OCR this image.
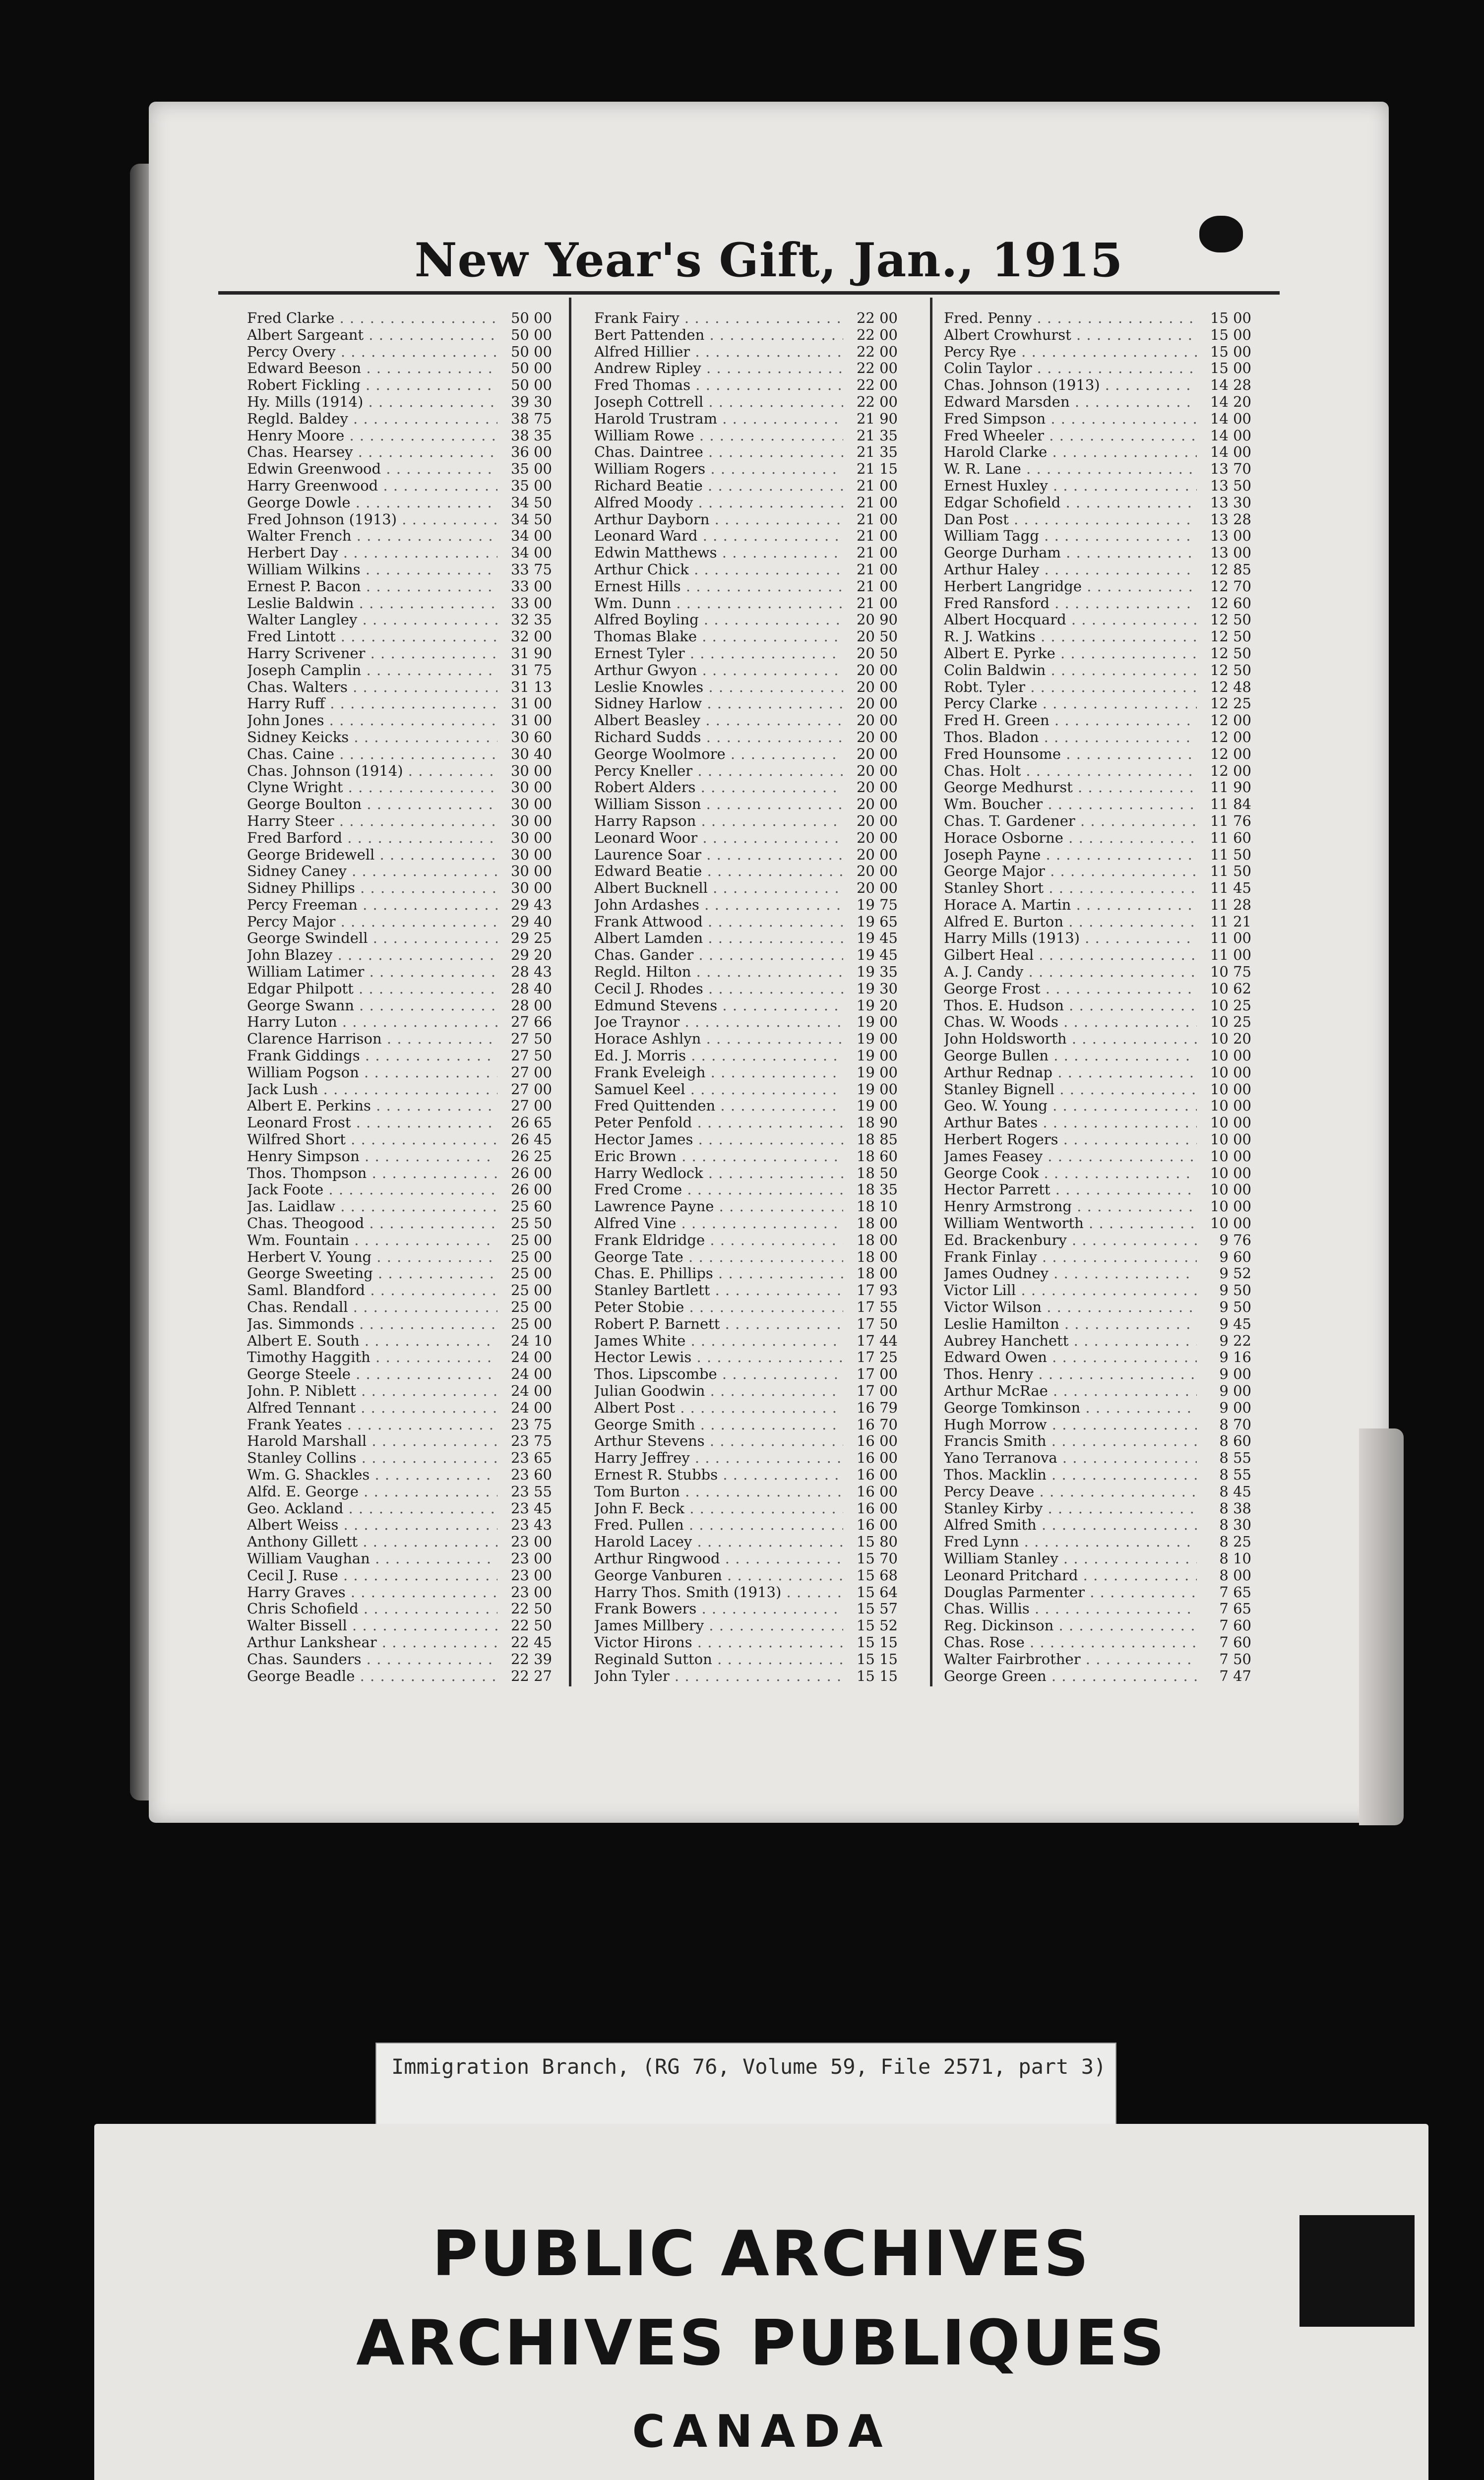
New Year's Gift, Jan., 1915
Fred Clarke . . .	50 00
Albert Sargeant . . .	50 00
Percy Overy . . .	50 00
Edward Beeson . . .	50 00
Robert Fickling . . .	50 00
Hy. Mills (1914) . . .	39 30
Regld. Baldey . . .	38 75
Henry Moore . . .	38 35
Chas. Hearsey . . .	36 00
Edwin Greenwood . . .	35 00
Harry Greenwood . . .	35 00
George Dowle . . .	34 50
Fred Johnson (1913) . . .	34 50
Walter French . . .	34 00
Herbert Day . . .	34 00
William Wilkins . . .	33 75
Ernest P. Bacon . . .	33 00
Leslie Baldwin . . .	33 00
Walter Langley . . .	32 35
Fred Lintott . . .	32 00
Harry Scrivener . . .	31 90
Joseph Camplin . . .	31 75
Chas. Walters . . .	31 13
Harry Ruff . . .	31 00
John Jones . . .	31 00
Sidney Keicks . . .	30 60
Chas. Caine . . .	30 40
Chas. Johnson (1914) . . .	30 00
Clyne Wright . . .	30 00
George Boulton . . .	30 00
Harry Steer . . .	30 00
Fred Barford . . .	30 00
George Bridewell . . .	30 00
Sidney Caney . . .	30 00
Sidney Phillips . . .	30 00
Percy Freeman . . .	29 43
Percy Major . . .	29 40
George Swindell . . .	29 25
John Blazey . . .	29 20
William Latimer . . .	28 43
Edgar Philpott . . .	28 40
George Swann . . .	28 00
Harry Luton . . .	27 66
Clarence Harrison . . .	27 50
Frank Giddings . . .	27 50
William Pogson . . .	27 00
Jack Lush . . .	27 00
Albert E. Perkins . . .	27 00
Leonard Frost . . .	26 65
Wilfred Short . . .	26 45
Henry Simpson . . .	26 25
Thos. Thompson . . .	26 00
Jack Foote . . .	26 00
Jas. Laidlaw . . .	25 60
Chas. Theogood . . .	25 50
Wm. Fountain . . .	25 00
Herbert V. Young . . .	25 00
George Sweeting . . .	25 00
Saml. Blandford . . .	25 00
Chas. Rendall . . .	25 00
Jas. Simmonds . . .	25 00
Albert E. South . . .	24 10
Timothy Haggith . . .	24 00
George Steele . . .	24 00
John. P. Niblett . . .	24 00
Alfred Tennant . . .	24 00
Frank Yeates . . .	23 75
Harold Marshall . . .	23 75
Stanley Collins . . .	23 65
Wm. G. Shackles . . .	23 60
Alfd. E. George . . .	23 55
Geo. Ackland . . .	23 45
Albert Weiss . . .	23 43
Anthony Gillett . . .	23 00
William Vaughan . . .	23 00
Cecil J. Ruse . . .	23 00
Harry Graves . . .	23 00
Chris Schofield . . .	22 50
Walter Bissell . . .	22 50
Arthur Lankshear . . .	22 45
Chas. Saunders . . .	22 39
George Beadle . . .	22 27
Frank Fairy . . .	22 00
Bert Pattenden . . .	22 00
Alfred Hillier . . .	22 00
Andrew Ripley . . .	22 00
Fred Thomas . . .	22 00
Joseph Cottrell . . .	22 00
Harold Trustram . . .	21 90
William Rowe . . .	21 35
Chas. Daintree . . .	21 35
William Rogers . . .	21 15
Richard Beatie . . .	21 00
Alfred Moody . . .	21 00
Arthur Dayborn . . .	21 00
Leonard Ward . . .	21 00
Edwin Matthews . . .	21 00
Arthur Chick . . .	21 00
Ernest Hills . . .	21 00
Wm. Dunn . . .	21 00
Alfred Boyling . . .	20 90
Thomas Blake . . .	20 50
Ernest Tyler . . .	20 50
Arthur Gwyon . . .	20 00
Leslie Knowles . . .	20 00
Sidney Harlow . . .	20 00
Albert Beasley . . .	20 00
Richard Sudds . . .	20 00
George Woolmore . . .	20 00
Percy Kneller . . .	20 00
Robert Alders . . .	20 00
William Sisson . . .	20 00
Harry Rapson . . .	20 00
Leonard Woor . . .	20 00
Laurence Soar . . .	20 00
Edward Beatie . . .	20 00
Albert Bucknell . . .	20 00
John Ardashes . . .	19 75
Frank Attwood . . .	19 65
Albert Lamden . . .	19 45
Chas. Gander . . .	19 45
Regld. Hilton . . .	19 35
Cecil J. Rhodes . . .	19 30
Edmund Stevens . . .	19 20
Joe Traynor . . .	19 00
Horace Ashlyn . . .	19 00
Ed. J. Morris . . .	19 00
Frank Eveleigh . . .	19 00
Samuel Keel . . .	19 00
Fred Quittenden . . .	19 00
Peter Penfold . . .	18 90
Hector James . . .	18 85
Eric Brown . . .	18 60
Harry Wedlock . . .	18 50
Fred Crome . . .	18 35
Lawrence Payne . . .	18 10
Alfred Vine . . .	18 00
Frank Eldridge . . .	18 00
George Tate . . .	18 00
Chas. E. Phillips . . .	18 00
Stanley Bartlett . . .	17 93
Peter Stobie . . .	17 55
Robert P. Barnett . . .	17 50
James White . . .	17 44
Hector Lewis . . .	17 25
Thos. Lipscombe . . .	17 00
Julian Goodwin . . .	17 00
Albert Post . . .	16 79
George Smith . . .	16 70
Arthur Stevens . . .	16 00
Harry Jeffrey . . .	16 00
Ernest R. Stubbs . . .	16 00
Tom Burton . . .	16 00
John F. Beck . . .	16 00
Fred. Pullen . . .	16 00
Harold Lacey . . .	15 80
Arthur Ringwood . . .	15 70
George Vanburen . . .	15 68
Harry Thos. Smith (1913) . . .	15 64
Frank Bowers . . .	15 57
James Millbery . . .	15 52
Victor Hirons . . .	15 15
Reginald Sutton . . .	15 15
John Tyler . . .	15 15
Fred. Penny . . .	15 00
Albert Crowhurst . . .	15 00
Percy Rye . . .	15 00
Colin Taylor . . .	15 00
Chas. Johnson (1913) . . .	14 28
Edward Marsden . . .	14 20
Fred Simpson . . .	14 00
Fred Wheeler . . .	14 00
Harold Clarke . . .	14 00
W. R. Lane . . .	13 70
Ernest Huxley . . .	13 50
Edgar Schofield . . .	13 30
Dan Post . . .	13 28
William Tagg . . .	13 00
George Durham . . .	13 00
Arthur Haley . . .	12 85
Herbert Langridge . . .	12 70
Fred Ransford . . .	12 60
Albert Hocquard . . .	12 50
R. J. Watkins . . .	12 50
Albert E. Pyrke . . .	12 50
Colin Baldwin . . .	12 50
Robt. Tyler . . .	12 48
Percy Clarke . . .	12 25
Fred H. Green . . .	12 00
Thos. Bladon . . .	12 00
Fred Hounsome . . .	12 00
Chas. Holt . . .	12 00
George Medhurst . . .	11 90
Wm. Boucher . . .	11 84
Chas. T. Gardener . . .	11 76
Horace Osborne . . .	11 60
Joseph Payne . . .	11 50
George Major . . .	11 50
Stanley Short . . .	11 45
Horace A. Martin . . .	11 28
Alfred E. Burton . . .	11 21
Harry Mills (1913) . . .	11 00
Gilbert Heal . . .	11 00
A. J. Candy . . .	10 75
George Frost . . .	10 62
Thos. E. Hudson . . .	10 25
Chas. W. Woods . . .	10 25
John Holdsworth . . .	10 20
George Bullen . . .	10 00
Arthur Rednap . . .	10 00
Stanley Bignell . . .	10 00
Geo. W. Young . . .	10 00
Arthur Bates . . .	10 00
Herbert Rogers . . .	10 00
James Feasey . . .	10 00
George Cook . . .	10 00
Hector Parrett . . .	10 00
Henry Armstrong . . .	10 00
William Wentworth . . .	10 00
Ed. Brackenbury . . .	9 76
Frank Finlay . . .	9 60
James Oudney . . .	9 52
Victor Lill . . .	9 50
Victor Wilson . . .	9 50
Leslie Hamilton . . .	9 45
Aubrey Hanchett . . .	9 22
Edward Owen . . .	9 16
Thos. Henry . . .	9 00
Arthur McRae . . .	9 00
George Tomkinson . . .	9 00
Hugh Morrow . . .	8 70
Francis Smith . . .	8 60
Yano Terranova . . .	8 55
Thos. Macklin . . .	8 55
Percy Deave . . .	8 45
Stanley Kirby . . .	8 38
Alfred Smith . . .	8 30
Fred Lynn . . .	8 25
William Stanley . . .	8 10
Leonard Pritchard . . .	8 00
Douglas Parmenter . . .	7 65
Chas. Willis . . .	7 65
Reg. Dickinson . . .	7 60
Chas. Rose . . .	7 60
Walter Fairbrother . . .	7 50
George Green . . .	7 47
Immigration Branch, (RG 76, Volume 59, File 2571, part 3)
PUBLIC ARCHIVES
ARCHIVES PUBLIQUES
CANADA
